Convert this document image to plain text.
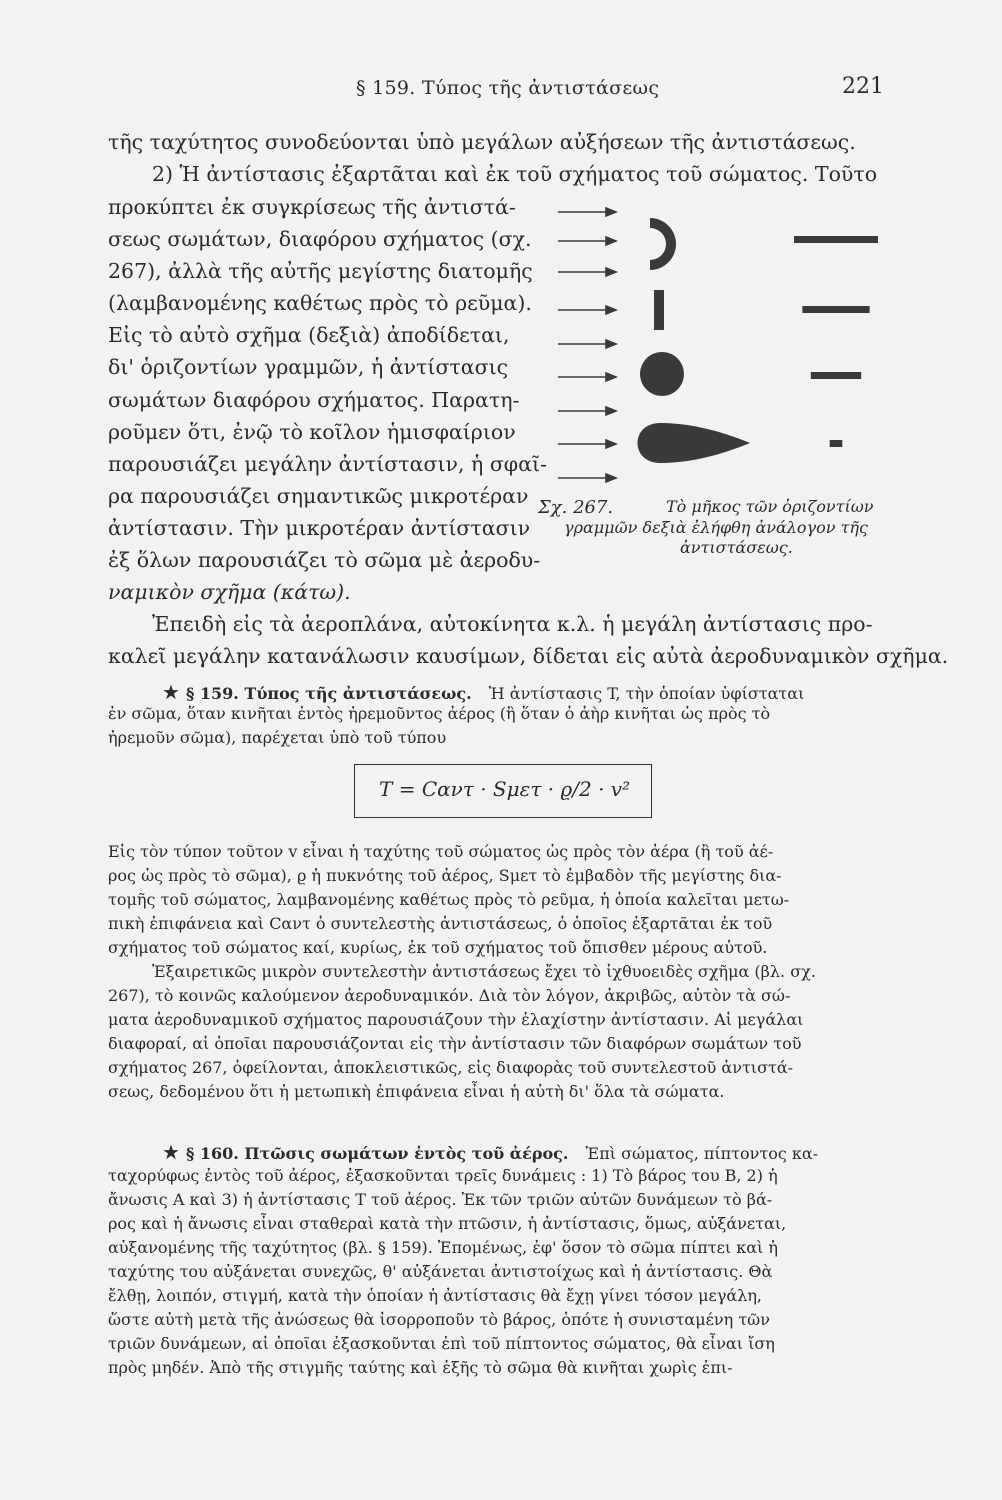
§ 159. Τύπος τῆς ἀντιστάσεως	221
τῆς ταχύτητος συνοδεύονται ὑπὸ μεγάλων αὐξήσεων τῆς ἀντιστάσεως.
2) Ἡ ἀντίστασις ἐξαρτᾶται καὶ ἐκ τοῦ σχήματος τοῦ σώματος. Τοῦτο
προκύπτει ἐκ συγκρίσεως τῆς ἀντιστά-
σεως σωμάτων, διαφόρου σχήματος (σχ.
267), ἀλλὰ τῆς αὐτῆς μεγίστης διατομῆς
(λαμβανομένης καθέτως πρὸς τὸ ρεῦμα).
Εἰς τὸ αὐτὸ σχῆμα (δεξιὰ) ἀποδίδεται,
δι' ὁριζοντίων γραμμῶν, ἡ ἀντίστασις
σωμάτων διαφόρου σχήματος. Παρατη-
ροῦμεν ὅτι, ἐνῷ τὸ κοῖλον ἡμισφαίριον
παρουσιάζει μεγάλην ἀντίστασιν, ἡ σφαῖ-
ρα παρουσιάζει σημαντικῶς μικροτέραν
ἀντίστασιν. Τὴν μικροτέραν ἀντίστασιν
ἐξ ὅλων παρουσιάζει τὸ σῶμα μὲ ἀεροδυ-
ναμικὸν σχῆμα (κάτω).
Ἐπειδὴ εἰς τὰ ἀεροπλάνα, αὐτοκίνητα κ.λ. ἡ μεγάλη ἀντίστασις προ-
καλεῖ μεγάλην κατανάλωσιν καυσίμων, δίδεται εἰς αὐτὰ ἀεροδυναμικὸν σχῆμα.
Σχ. 267.	Τὸ μῆκος τῶν ὁριζοντίων
γραμμῶν δεξιὰ ἐλήφθη ἀνάλογον τῆς
ἀντιστάσεως.
★ § 159. Τύπος τῆς ἀντιστάσεως. Ἡ ἀντίστασις T, τὴν ὁποίαν ὑφίσταται
ἐν σῶμα, ὅταν κινῆται ἐντὸς ἠρεμοῦντος ἀέρος (ἢ ὅταν ὁ ἀὴρ κινῆται ὡς πρὸς τὸ
ἠρεμοῦν σῶμα), παρέχεται ὑπὸ τοῦ τύπου
T = Cαντ · Sμετ · ϱ/2 · v²
Εἰς τὸν τύπον τοῦτον v εἶναι ἡ ταχύτης τοῦ σώματος ὡς πρὸς τὸν ἀέρα (ἢ τοῦ ἀέ-
ρος ὡς πρὸς τὸ σῶμα), ϱ ἡ πυκνότης τοῦ ἀέρος, Sμετ τὸ ἐμβαδὸν τῆς μεγίστης δια-
τομῆς τοῦ σώματος, λαμβανομένης καθέτως πρὸς τὸ ρεῦμα, ἡ ὁποία καλεῖται μετω-
πικὴ ἐπιφάνεια καὶ Cαντ ὁ συντελεστὴς ἀντιστάσεως, ὁ ὁποῖος ἐξαρτᾶται ἐκ τοῦ
σχήματος τοῦ σώματος καί, κυρίως, ἐκ τοῦ σχήματος τοῦ ὄπισθεν μέρους αὐτοῦ.
Ἐξαιρετικῶς μικρὸν συντελεστὴν ἀντιστάσεως ἔχει τὸ ἰχθυοειδὲς σχῆμα (βλ. σχ.
267), τὸ κοινῶς καλούμενον ἀεροδυναμικόν. Διὰ τὸν λόγον, ἀκριβῶς, αὐτὸν τὰ σώ-
ματα ἀεροδυναμικοῦ σχήματος παρουσιάζουν τὴν ἐλαχίστην ἀντίστασιν. Αἱ μεγάλαι
διαφοραί, αἱ ὁποῖαι παρουσιάζονται εἰς τὴν ἀντίστασιν τῶν διαφόρων σωμάτων τοῦ
σχήματος 267, ὀφείλονται, ἀποκλειστικῶς, εἰς διαφορὰς τοῦ συντελεστοῦ ἀντιστά-
σεως, δεδομένου ὅτι ἡ μετωπικὴ ἐπιφάνεια εἶναι ἡ αὐτὴ δι' ὅλα τὰ σώματα.
★ § 160. Πτῶσις σωμάτων ἐντὸς τοῦ ἀέρος. Ἐπὶ σώματος, πίπτοντος κα-
ταχορύφως ἐντὸς τοῦ ἀέρος, ἐξασκοῦνται τρεῖς δυνάμεις : 1) Τὸ βάρος του B, 2) ἡ
ἄνωσις A καὶ 3) ἡ ἀντίστασις T τοῦ ἀέρος. Ἐκ τῶν τριῶν αὐτῶν δυνάμεων τὸ βά-
ρος καὶ ἡ ἄνωσις εἶναι σταθεραὶ κατὰ τὴν πτῶσιν, ἡ ἀντίστασις, ὅμως, αὐξάνεται,
αὐξανομένης τῆς ταχύτητος (βλ. § 159). Ἐπομένως, ἐφ' ὅσον τὸ σῶμα πίπτει καὶ ἡ
ταχύτης του αὐξάνεται συνεχῶς, θ' αὐξάνεται ἀντιστοίχως καὶ ἡ ἀντίστασις. Θὰ
ἔλθῃ, λοιπόν, στιγμή, κατὰ τὴν ὁποίαν ἡ ἀντίστασις θὰ ἔχῃ γίνει τόσον μεγάλη,
ὥστε αὐτὴ μετὰ τῆς ἀνώσεως θὰ ἰσορροποῦν τὸ βάρος, ὁπότε ἡ συνισταμένη τῶν
τριῶν δυνάμεων, αἱ ὁποῖαι ἐξασκοῦνται ἐπὶ τοῦ πίπτοντος σώματος, θὰ εἶναι ἴση
πρὸς μηδέν. Ἀπὸ τῆς στιγμῆς ταύτης καὶ ἑξῆς τὸ σῶμα θὰ κινῆται χωρὶς ἐπι-
